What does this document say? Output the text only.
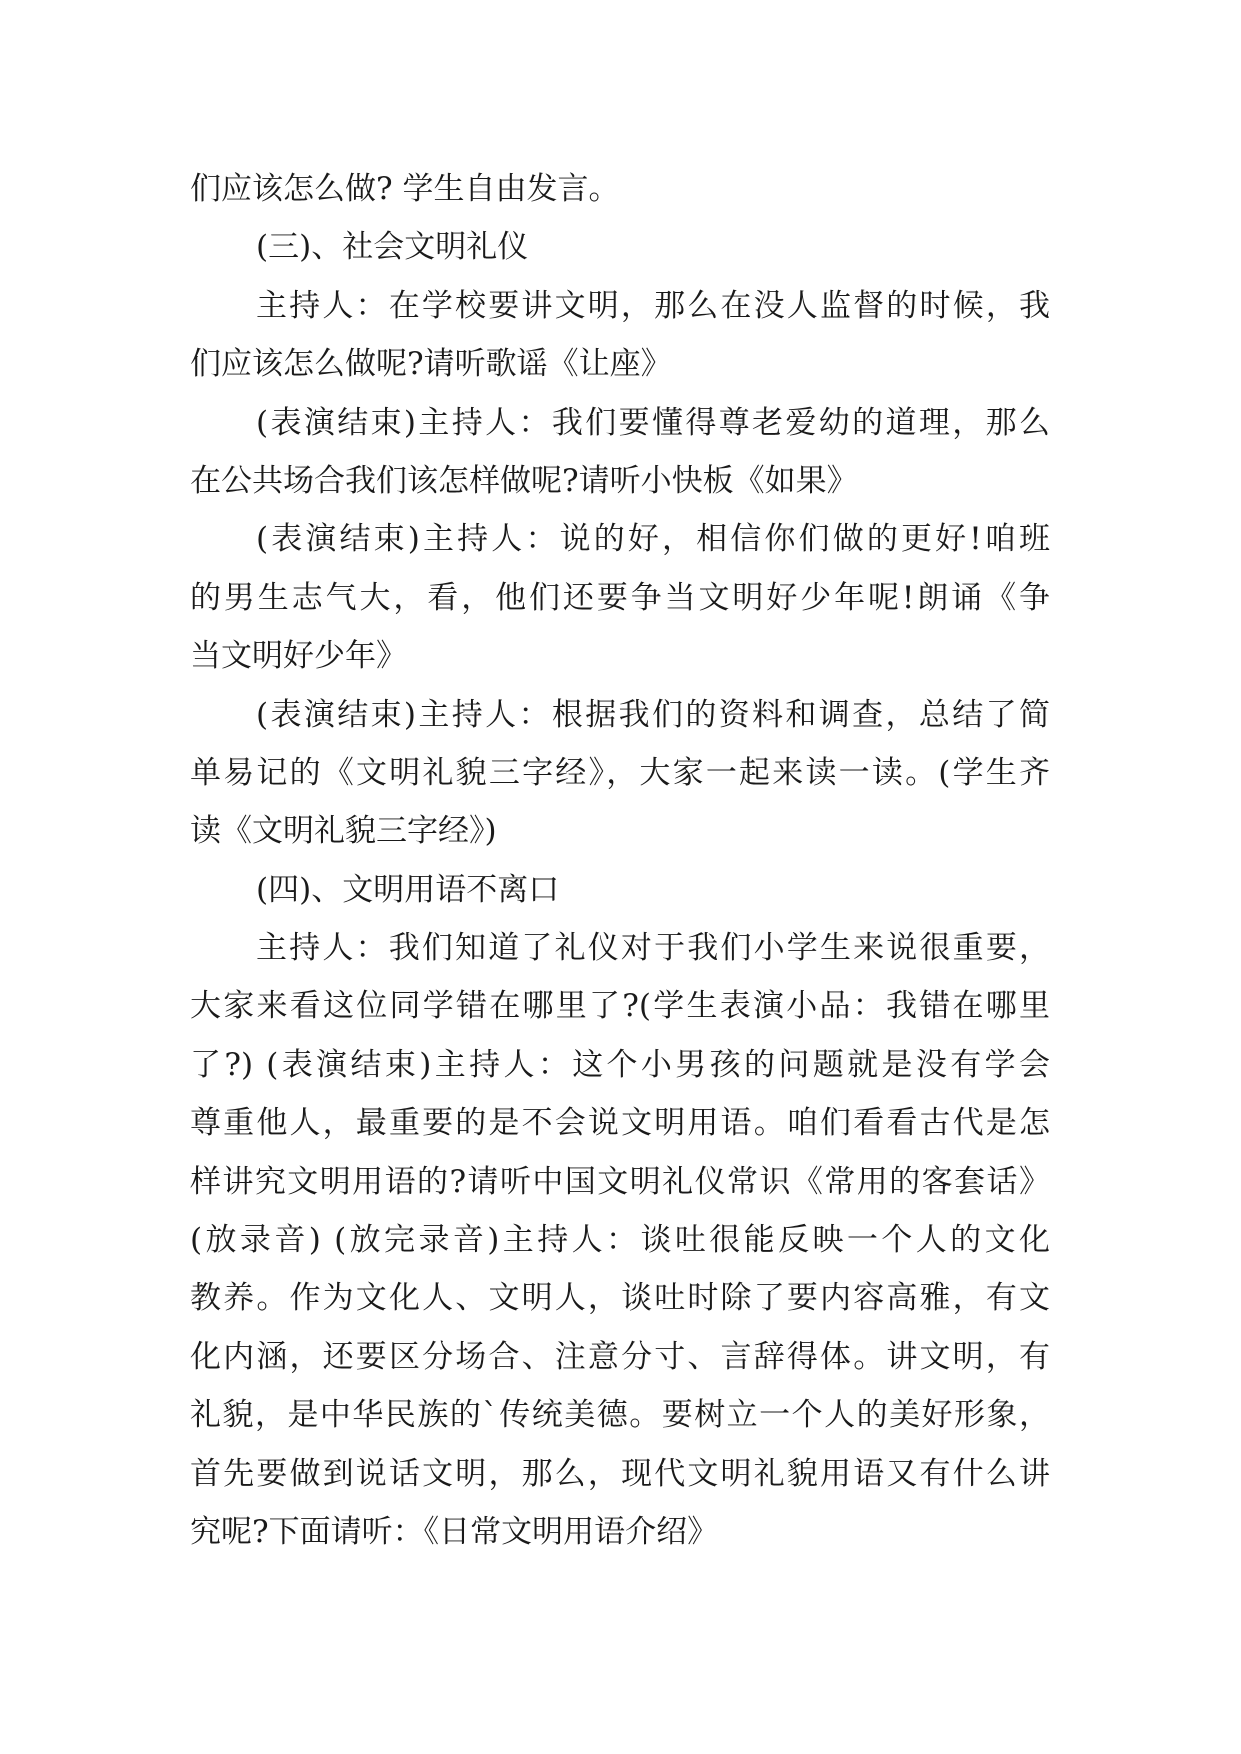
们应该怎么做? 学生自由发言。
(三)、社会文明礼仪
主持人：在学校要讲文明，那么在没人监督的时候，我
们应该怎么做呢?请听歌谣《让座》
(表演结束)主持人：我们要懂得尊老爱幼的道理，那么
在公共场合我们该怎样做呢?请听小快板《如果》
(表演结束)主持人：说的好，相信你们做的更好!咱班
的男生志气大，看，他们还要争当文明好少年呢!朗诵《争
当文明好少年》
(表演结束)主持人：根据我们的资料和调查，总结了简
单易记的《文明礼貌三字经》，大家一起来读一读。(学生齐
读《文明礼貌三字经》)
(四)、文明用语不离口
主持人：我们知道了礼仪对于我们小学生来说很重要，
大家来看这位同学错在哪里了?(学生表演小品：我错在哪里
了?) (表演结束)主持人：这个小男孩的问题就是没有学会
尊重他人，最重要的是不会说文明用语。咱们看看古代是怎
样讲究文明用语的?请听中国文明礼仪常识《常用的客套话》
(放录音) (放完录音)主持人：谈吐很能反映一个人的文化
教养。作为文化人、文明人，谈吐时除了要内容高雅，有文
化内涵，还要区分场合、注意分寸、言辞得体。讲文明，有
礼貌，是中华民族的`传统美德。要树立一个人的美好形象，
首先要做到说话文明，那么，现代文明礼貌用语又有什么讲
究呢?下面请听：《日常文明用语介绍》
